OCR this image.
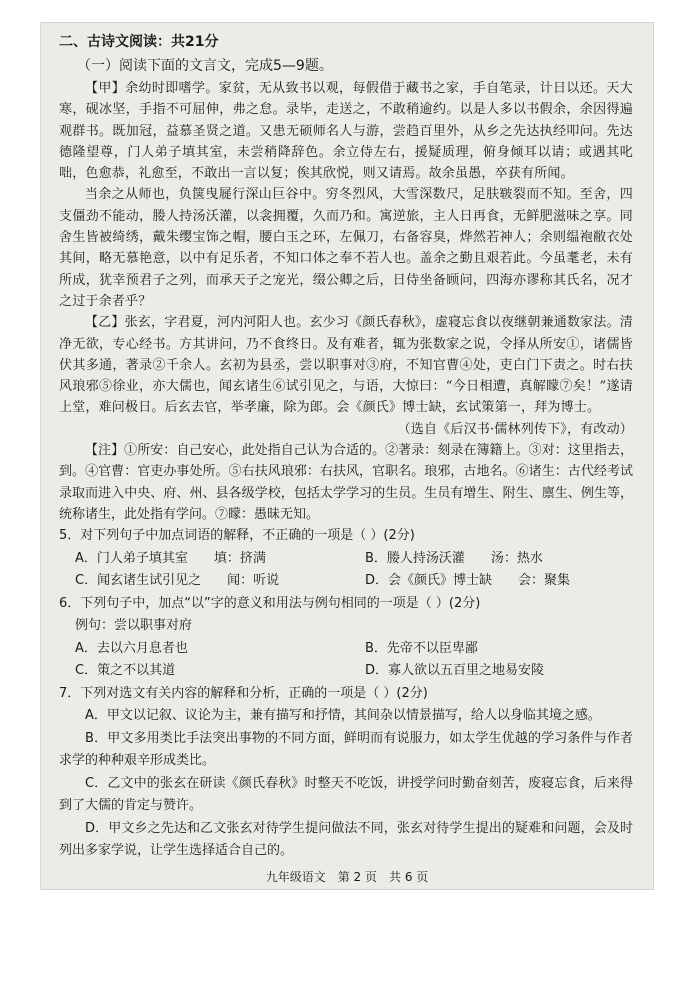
二、古诗文阅读：共21分
（一）阅读下面的文言文，完成5—9题。

【甲】余幼时即嗜学。家贫，无从致书以观，每假借于藏书之家，手自笔录，计日以还。天大寒，砚冰坚，手指不可屈伸，弗之怠。录毕，走送之，不敢稍逾约。以是人多以书假余，余因得遍观群书。既加冠，益慕圣贤之道。又患无硕师名人与游，尝趋百里外，从乡之先达执经叩问。先达德隆望尊，门人弟子填其室，未尝稍降辞色。余立侍左右，援疑质理，俯身倾耳以请；或遇其叱咄，色愈恭，礼愈至，不敢出一言以复；俟其欣悦，则又请焉。故余虽愚，卒获有所闻。

当余之从师也，负箧曳屣行深山巨谷中。穷冬烈风，大雪深数尺，足肤皲裂而不知。至舍，四支僵劲不能动，媵人持汤沃灌，以衾拥覆，久而乃和。寓逆旅，主人日再食，无鲜肥滋味之享。同舍生皆被绮绣，戴朱缨宝饰之帽，腰白玉之环，左佩刀，右备容臭，烨然若神人；余则缊袍敝衣处其间，略无慕艳意，以中有足乐者，不知口体之奉不若人也。盖余之勤且艰若此。今虽耄老，未有所成，犹幸预君子之列，而承天子之宠光，缀公卿之后，日侍坐备顾问，四海亦谬称其氏名，况才之过于余者乎？

【乙】张玄，字君夏，河内河阳人也。玄少习《颜氏春秋》，虚寝忘食以夜继朝兼通数家法。清净无欲，专心经书。方其讲问，乃不食终日。及有难者，辄为张数家之说，令择从所安①，诸儒皆伏其多通，著录②千余人。玄初为县丞，尝以职事对③府，不知官曹④处，吏白门下责之。时右扶风琅邪⑤徐业，亦大儒也，闻玄诸生⑥试引见之，与语，大惊曰：“今日相遭，真解矇⑦矣！”遂请上堂，难问极日。后玄去官，举孝廉，除为郎。会《颜氏》博士缺，玄试策第一，拜为博士。
（选自《后汉书·儒林列传下》，有改动）

【注】①所安：自己安心，此处指自己认为合适的。②著录：刻录在簿籍上。③对：这里指去，到。④官曹：官吏办事处所。⑤右扶风琅邪：右扶风，官职名。琅邪，古地名。⑥诸生：古代经考试录取而进入中央、府、州、县各级学校，包括太学学习的生员。生员有增生、附生、廪生、例生等，统称诸生，此处指有学问。⑦矇：愚昧无知。

5．对下列句子中加点词语的解释，不正确的一项是（ ）(2分)

A．门人弟子填其室　　填：挤满	B．媵人持汤沃灌　　汤：热水
C．闻玄诸生试引见之　　闻：听说	D．会《颜氏》博士缺　　会：聚集

6．下列句子中，加点“以”字的意义和用法与例句相同的一项是（ ）(2分)

例句：尝以职事对府

A．去以六月息者也	B．先帝不以臣卑鄙
C．策之不以其道	D．寡人欲以五百里之地易安陵

7．下列对选文有关内容的解释和分析，正确的一项是（ ）(2分)

A．甲文以记叙、议论为主，兼有描写和抒情，其间杂以情景描写，给人以身临其境之感。

B．甲文多用类比手法突出事物的不同方面，鲜明而有说服力，如太学生优越的学习条件与作者求学的种种艰辛形成类比。

C．乙文中的张玄在研读《颜氏春秋》时整天不吃饭，讲授学问时勤奋刻苦，废寝忘食，后来得到了大儒的肯定与赞许。

D．甲文乡之先达和乙文张玄对待学生提问做法不同，张玄对待学生提出的疑难和问题，会及时列出多家学说，让学生选择适合自己的。

九年级语文　第 2 页　共 6 页
